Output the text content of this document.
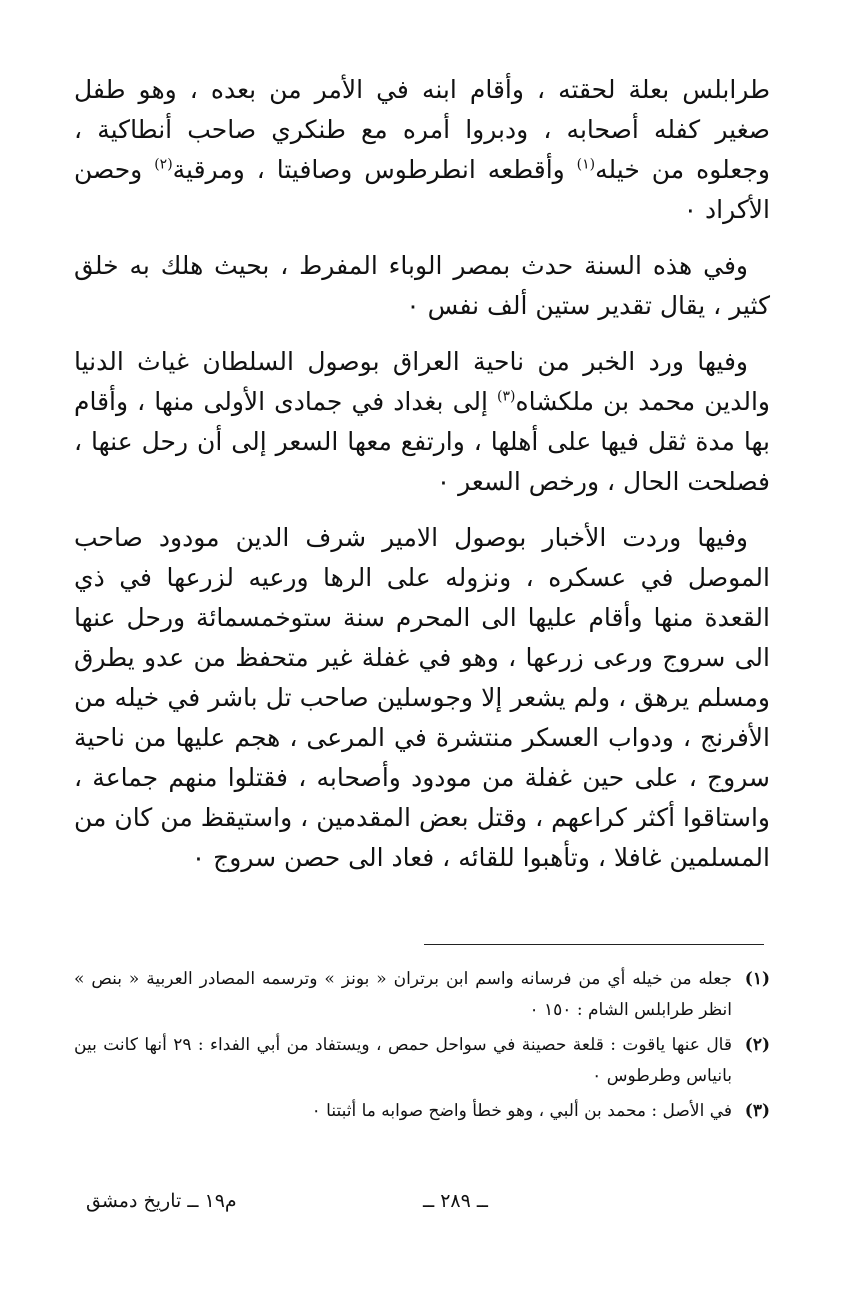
طرابلس بعلة لحقته ، وأقام ابنه في الأمر من بعده ، وهو طفل صغير كفله أصحابه ، ودبروا أمره مع طنكري صاحب أنطاكية ، وجعلوه من خيله$^{(١)}$ وأقطعه انطرطوس وصافيتا ، ومرقية$^{(٢)}$ وحصن الأكراد ٠

وفي هذه السنة حدث بمصر الوباء المفرط ، بحيث هلك به خلق كثير ، يقال تقدير ستين ألف نفس ٠

وفيها ورد الخبر من ناحية العراق بوصول السلطان غياث الدنيا والدين محمد بن ملكشاه$^{(٣)}$ إلى بغداد في جمادى الأولى منها ، وأقام بها مدة ثقل فيها على أهلها ، وارتفع معها السعر إلى أن رحل عنها ، فصلحت الحال ، ورخص السعر ٠

وفيها وردت الأخبار بوصول الامير شرف الدين مودود صاحب الموصل في عسكره ، ونزوله على الرها ورعيه لزرعها في ذي القعدة منها وأقام عليها الى المحرم سنة ستوخمسمائة ورحل عنها الى سروج ورعى زرعها ، وهو في غفلة غير متحفظ من عدو يطرق ومسلم يرهق ، ولم يشعر إلا وجوسلين صاحب تل باشر في خيله من الأفرنج ، ودواب العسكر منتشرة في المرعى ، هجم عليها من ناحية سروج ، على حين غفلة من مودود وأصحابه ، فقتلوا منهم جماعة ، واستاقوا أكثر كراعهم ، وقتل بعض المقدمين ، واستيقظ من كان من المسلمين غافلا ، وتأهبوا للقائه ، فعاد الى حصن سروج ٠

(١)
جعله من خيله أي من فرسانه واسم ابن برتران « بونز » وترسمه المصادر العربية « بنص » انظر طرابلس الشام : ١٥٠ ٠
(٢)
قال عنها ياقوت : قلعة حصينة في سواحل حمص ، ويستفاد من أبي الفداء : ٢٩ أنها كانت بين بانياس وطرطوس ٠
(٣)
في الأصل : محمد بن ألبي ، وهو خطأ واضح صوابه ما أثبتنا ٠
ــ ٢٨٩ ــ
م١٩ ــ تاريخ دمشق
